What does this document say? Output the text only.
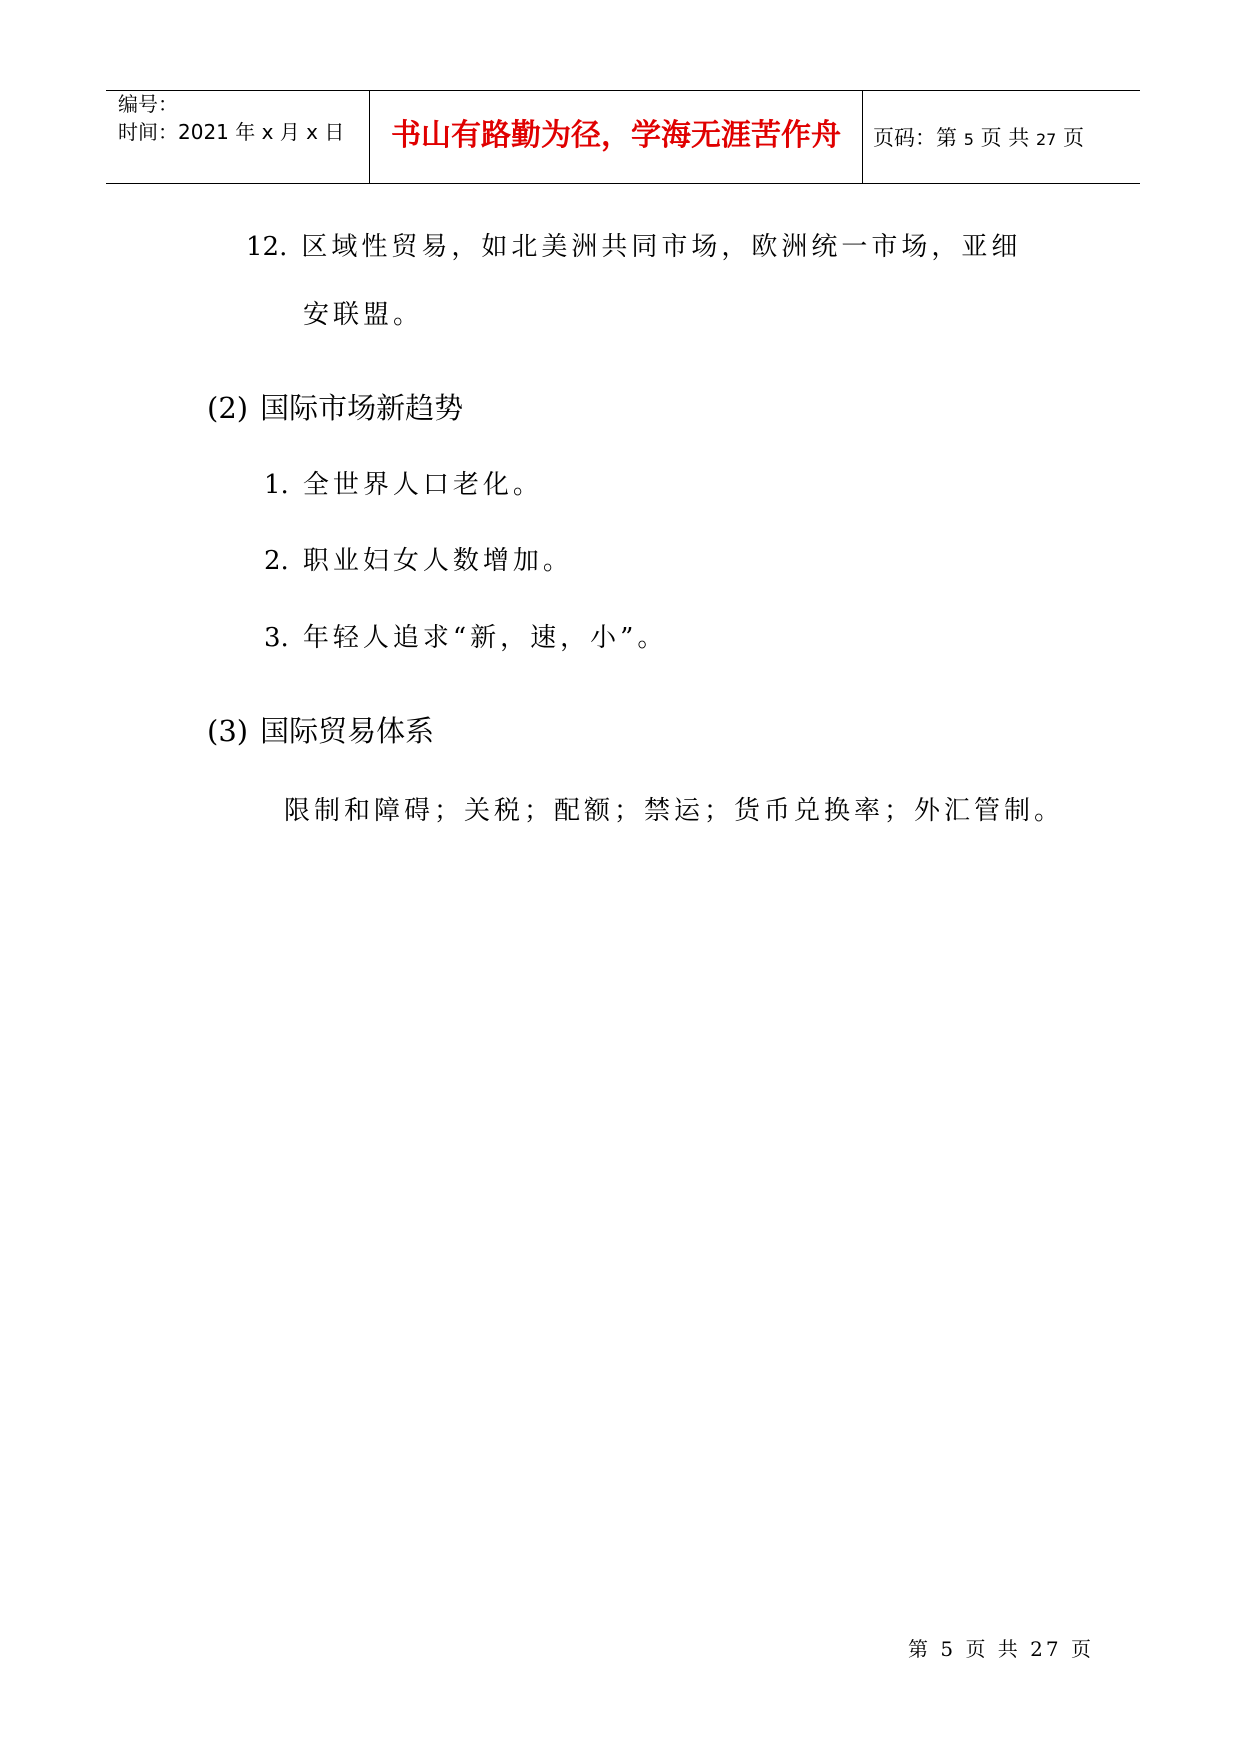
编号：
时间：2021 年 x 月 x 日	书山有路勤为径，学海无涯苦作舟	页码：第 5 页 共 27 页
12. 区域性贸易，如北美洲共同市场，欧洲统一市场，亚细
安联盟。
(2) 国际市场新趋势
1. 全世界人口老化。
2. 职业妇女人数增加。
3. 年轻人追求“新，速，小”。
(3) 国际贸易体系
限制和障碍；关税；配额；禁运；货币兑换率；外汇管制。
第 5 页 共 27 页
